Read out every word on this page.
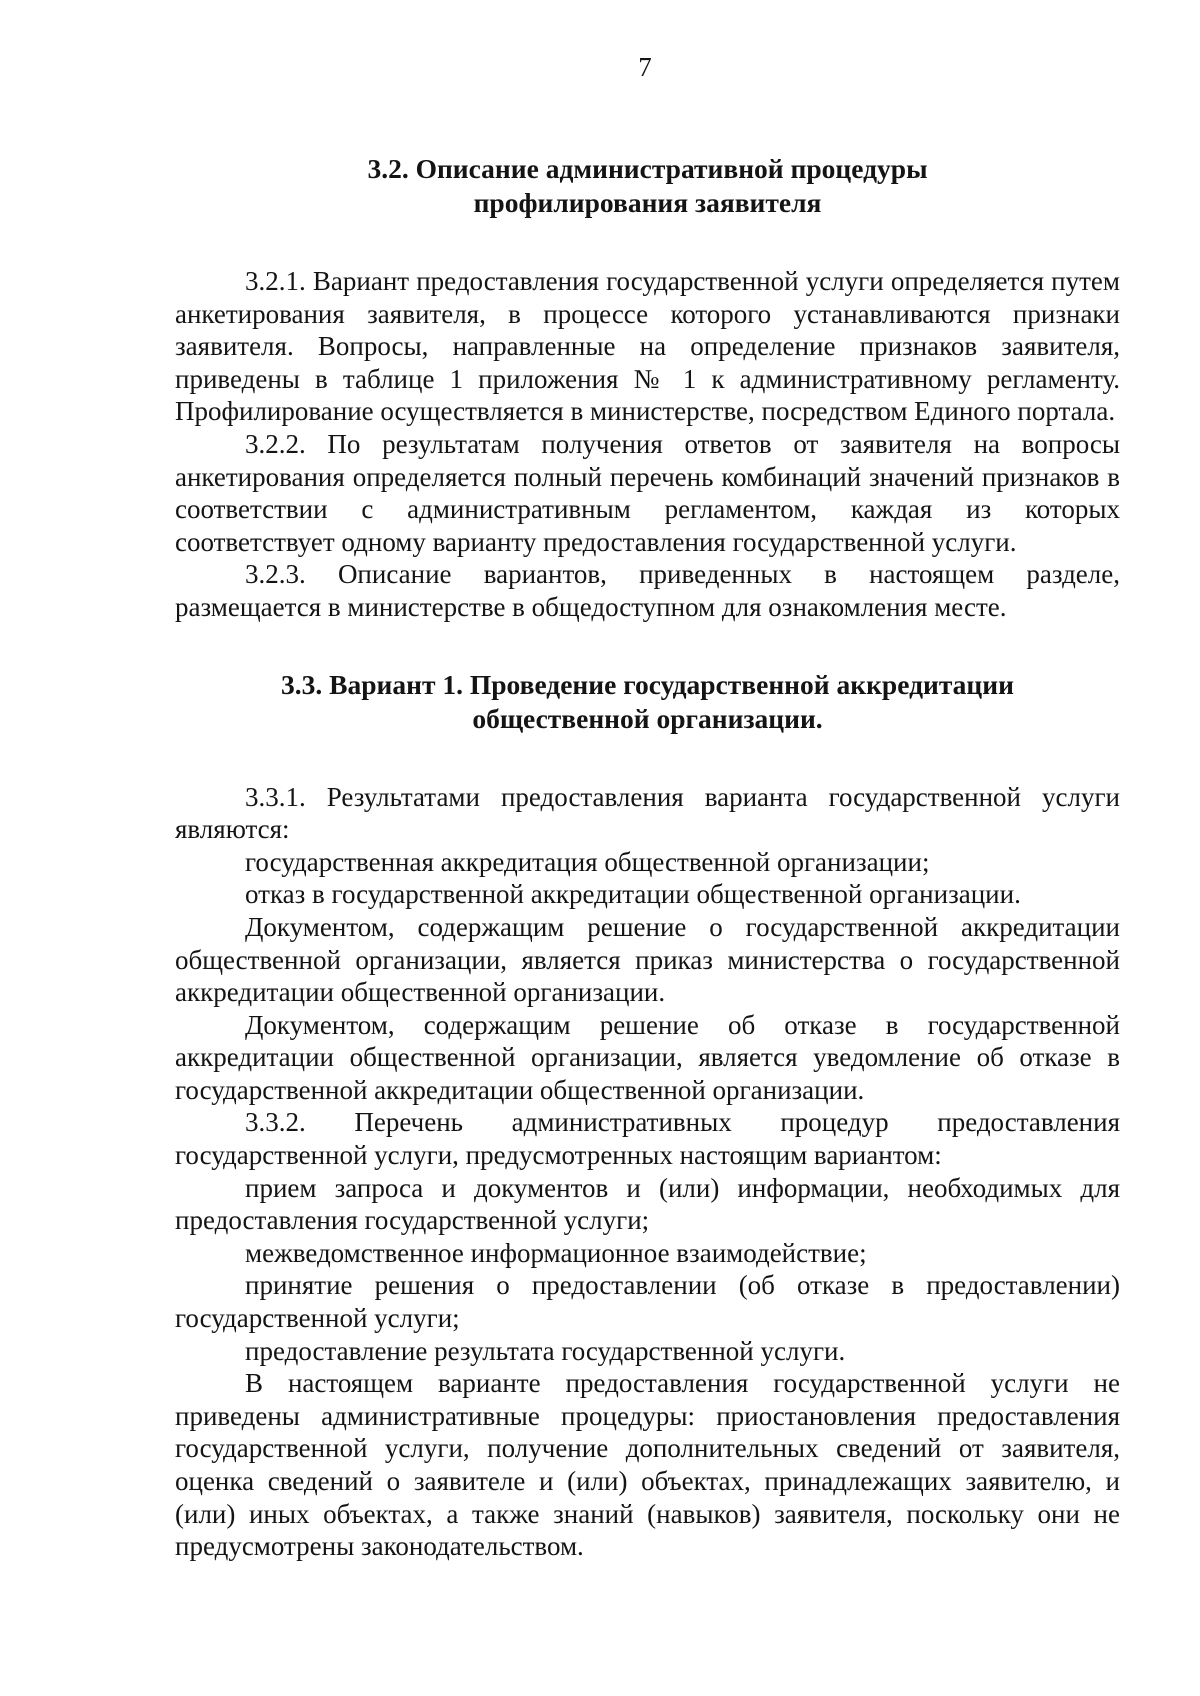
7
3.2. Описание административной процедуры
профилирования заявителя

3.2.1. Вариант предоставления государственной услуги определяется путем анкетирования заявителя, в процессе которого устанавливаются признаки заявителя. Вопросы, направленные на определение признаков заявителя, приведены в таблице 1 приложения № 1 к административному регламенту. Профилирование осуществляется в министерстве, посредством Единого портала.

3.2.2. По результатам получения ответов от заявителя на вопросы анкетирования определяется полный перечень комбинаций значений признаков в соответствии с административным регламентом, каждая из которых соответствует одному варианту предоставления государственной услуги.

3.2.3. Описание вариантов, приведенных в настоящем разделе, размещается в министерстве в общедоступном для ознакомления месте.

3.3. Вариант 1. Проведение государственной аккредитации
общественной организации.

3.3.1. Результатами предоставления варианта государственной услуги являются:

государственная аккредитация общественной организации;

отказ в государственной аккредитации общественной организации.

Документом, содержащим решение о государственной аккредитации общественной организации, является приказ министерства о государственной аккредитации общественной организации.

Документом, содержащим решение об отказе в государственной аккредитации общественной организации, является уведомление об отказе в государственной аккредитации общественной организации.

3.3.2. Перечень административных процедур предоставления государственной услуги, предусмотренных настоящим вариантом:

прием запроса и документов и (или) информации, необходимых для предоставления государственной услуги;

межведомственное информационное взаимодействие;

принятие решения о предоставлении (об отказе в предоставлении) государственной услуги;

предоставление результата государственной услуги.

В настоящем варианте предоставления государственной услуги не приведены административные процедуры: приостановления предоставления государственной услуги, получение дополнительных сведений от заявителя, оценка сведений о заявителе и (или) объектах, принадлежащих заявителю, и (или) иных объектах, а также знаний (навыков) заявителя, поскольку они не предусмотрены законодательством.
